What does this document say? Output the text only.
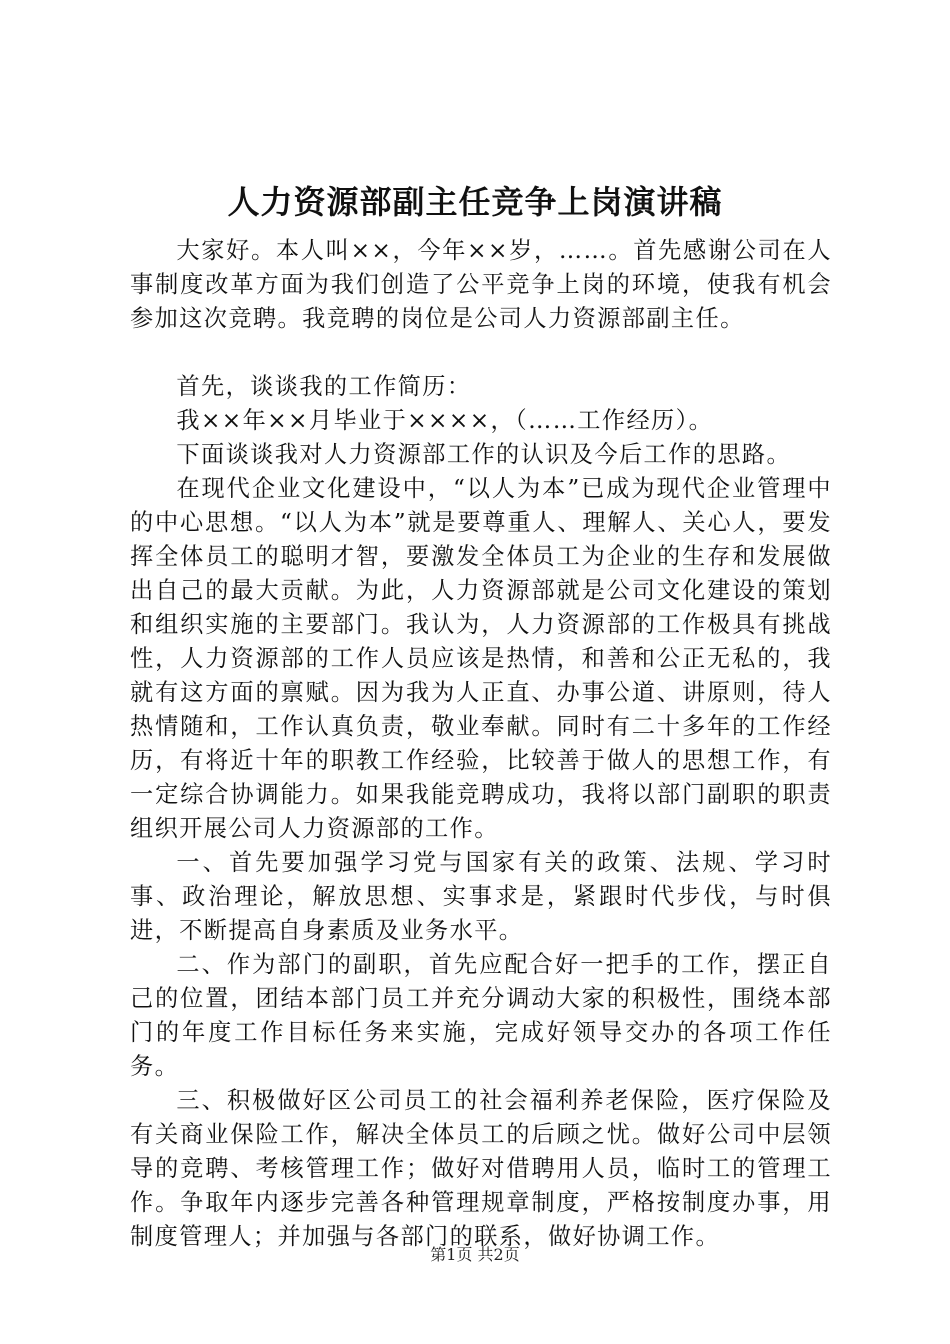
人力资源部副主任竞争上岗演讲稿

大家好。本人叫××，今年××岁，……。首先感谢公司在人事制度改革方面为我们创造了公平竞争上岗的环境，使我有机会参加这次竞聘。我竞聘的岗位是公司人力资源部副主任。

首先，谈谈我的工作简历：

我××年××月毕业于××××，（……工作经历）。

下面谈谈我对人力资源部工作的认识及今后工作的思路。

在现代企业文化建设中，“以人为本”已成为现代企业管理中的中心思想。“以人为本”就是要尊重人、理解人、关心人，要发挥全体员工的聪明才智，要激发全体员工为企业的生存和发展做出自己的最大贡献。为此，人力资源部就是公司文化建设的策划和组织实施的主要部门。我认为，人力资源部的工作极具有挑战性，人力资源部的工作人员应该是热情，和善和公正无私的，我就有这方面的禀赋。因为我为人正直、办事公道、讲原则，待人热情随和，工作认真负责，敬业奉献。同时有二十多年的工作经历，有将近十年的职教工作经验，比较善于做人的思想工作，有一定综合协调能力。如果我能竞聘成功，我将以部门副职的职责组织开展公司人力资源部的工作。

一、首先要加强学习党与国家有关的政策、法规、学习时事、政治理论，解放思想、实事求是，紧跟时代步伐，与时俱进，不断提高自身素质及业务水平。

二、作为部门的副职，首先应配合好一把手的工作，摆正自己的位置，团结本部门员工并充分调动大家的积极性，围绕本部门的年度工作目标任务来实施，完成好领导交办的各项工作任务。

三、积极做好区公司员工的社会福利养老保险，医疗保险及有关商业保险工作，解决全体员工的后顾之忧。做好公司中层领导的竞聘、考核管理工作；做好对借聘用人员，临时工的管理工作。争取年内逐步完善各种管理规章制度，严格按制度办事，用制度管理人；并加强与各部门的联系，做好协调工作。

第1页 共2页
